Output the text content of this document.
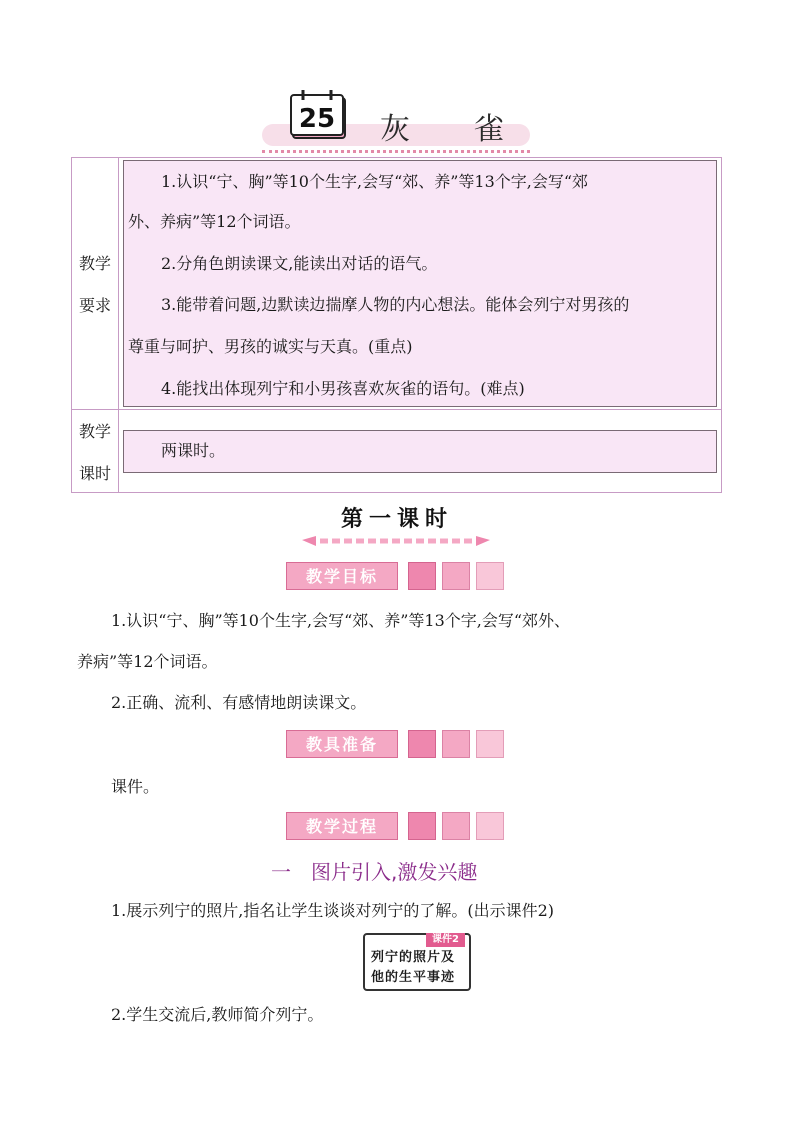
25 灰 雀
教学
要求
教学
课时
1.认识“宁、胸”等10个生字,会写“郊、养”等13个字,会写“郊
外、养病”等12个词语。
2.分角色朗读课文,能读出对话的语气。
3.能带着问题,边默读边揣摩人物的内心想法。能体会列宁对男孩的
尊重与呵护、男孩的诚实与天真。(重点)
4.能找出体现列宁和小男孩喜欢灰雀的语句。(难点)
两课时。
第一课时
教学目标
1.认识“宁、胸”等10个生字,会写“郊、养”等13个字,会写“郊外、
养病”等12个词语。
2.正确、流利、有感情地朗读课文。
教具准备
课件。
教学过程
一　图片引入,激发兴趣
1.展示列宁的照片,指名让学生谈谈对列宁的了解。(出示课件2)
课件2
列宁的照片及
他的生平事迹
2.学生交流后,教师简介列宁。
